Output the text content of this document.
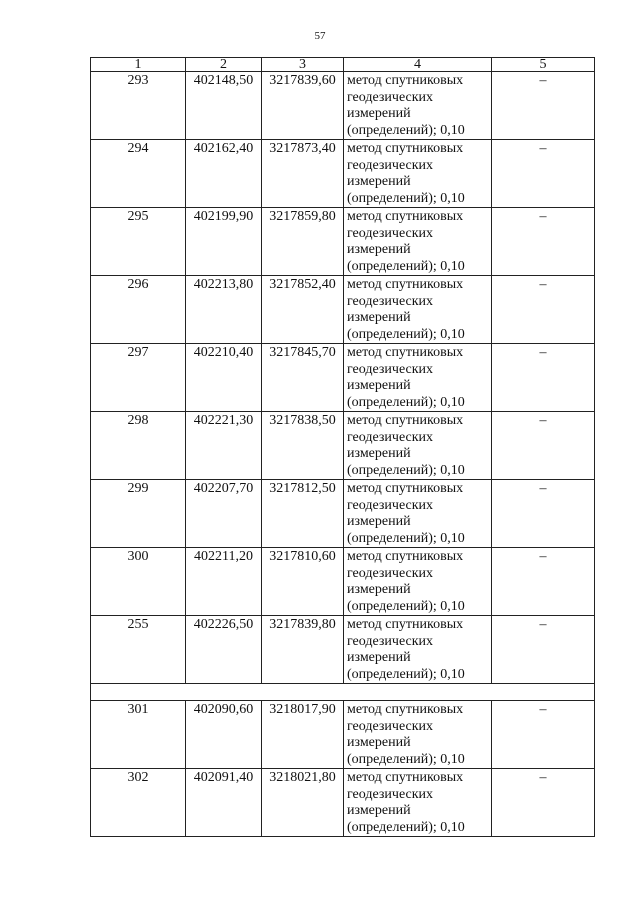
57
1	2	3	4	5
293	402148,50	3217839,60	метод спутниковых
геодезических
измерений
(определений); 0,10	–
294	402162,40	3217873,40	метод спутниковых
геодезических
измерений
(определений); 0,10	–
295	402199,90	3217859,80	метод спутниковых
геодезических
измерений
(определений); 0,10	–
296	402213,80	3217852,40	метод спутниковых
геодезических
измерений
(определений); 0,10	–
297	402210,40	3217845,70	метод спутниковых
геодезических
измерений
(определений); 0,10	–
298	402221,30	3217838,50	метод спутниковых
геодезических
измерений
(определений); 0,10	–
299	402207,70	3217812,50	метод спутниковых
геодезических
измерений
(определений); 0,10	–
300	402211,20	3217810,60	метод спутниковых
геодезических
измерений
(определений); 0,10	–
255	402226,50	3217839,80	метод спутниковых
геодезических
измерений
(определений); 0,10	–

301	402090,60	3218017,90	метод спутниковых
геодезических
измерений
(определений); 0,10	–
302	402091,40	3218021,80	метод спутниковых
геодезических
измерений
(определений); 0,10	–
